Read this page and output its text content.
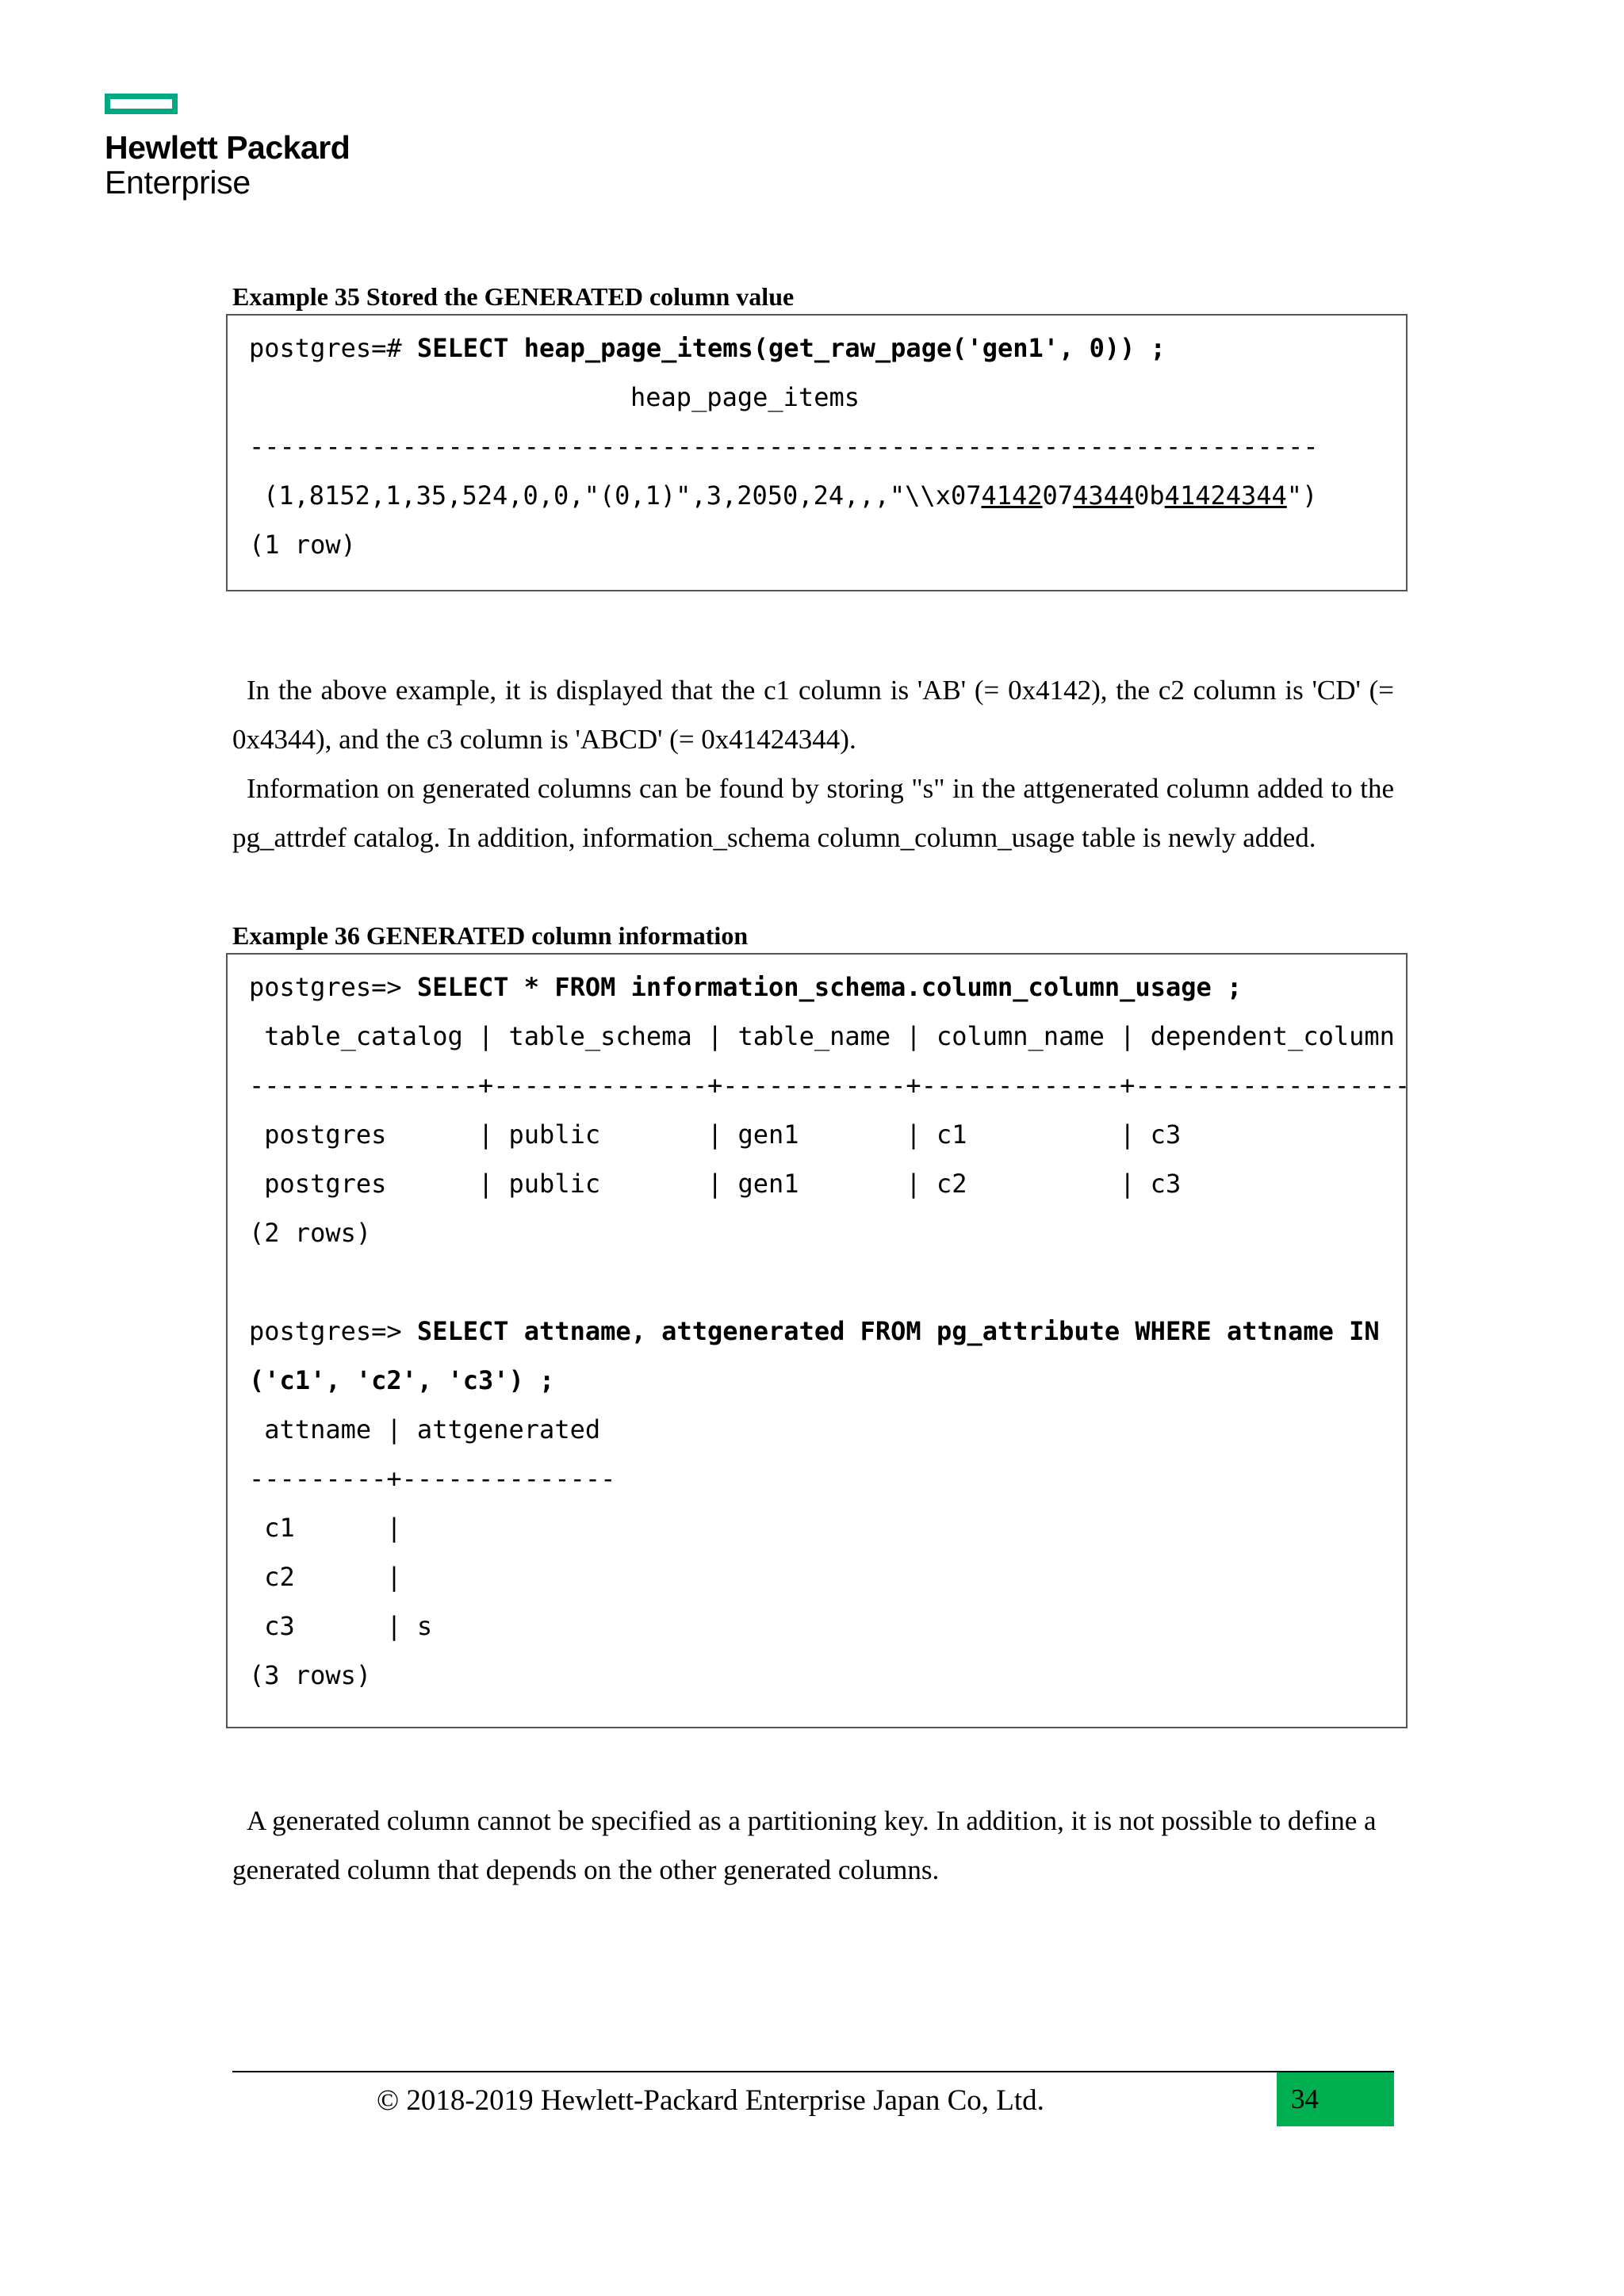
Hewlett Packard
Enterprise
Example 35 Stored the GENERATED column value
postgres=# SELECT heap_page_items(get_raw_page('gen1', 0)) ;
heap_page_items
----------------------------------------------------------------------
(1,8152,1,35,524,0,0,"(0,1)",3,2050,24,,,"\\x0741420743440b41424344")
(1 row)

In the above example, it is displayed that the c1 column is 'AB' (= 0x4142), the c2 column is 'CD' (= 0x4344), and the c3 column is 'ABCD' (= 0x41424344).

Information on generated columns can be found by storing "s" in the attgenerated column added to the pg_attrdef catalog. In addition, information_schema column_column_usage table is newly added.

Example 36 GENERATED column information
postgres=> SELECT * FROM information_schema.column_column_usage ;
table_catalog | table_schema | table_name | column_name | dependent_column
---------------+--------------+------------+-------------+------------------
postgres      | public       | gen1       | c1          | c3
postgres      | public       | gen1       | c2          | c3
(2 rows)

postgres=> SELECT attname, attgenerated FROM pg_attribute WHERE attname IN
('c1', 'c2', 'c3') ;
attname | attgenerated
---------+--------------
c1      |
c2      |
c3      | s
(3 rows)

A generated column cannot be specified as a partitioning key. In addition, it is not possible to define a generated column that depends on the other generated columns.

© 2018-2019 Hewlett-Packard Enterprise Japan Co, Ltd.	34
